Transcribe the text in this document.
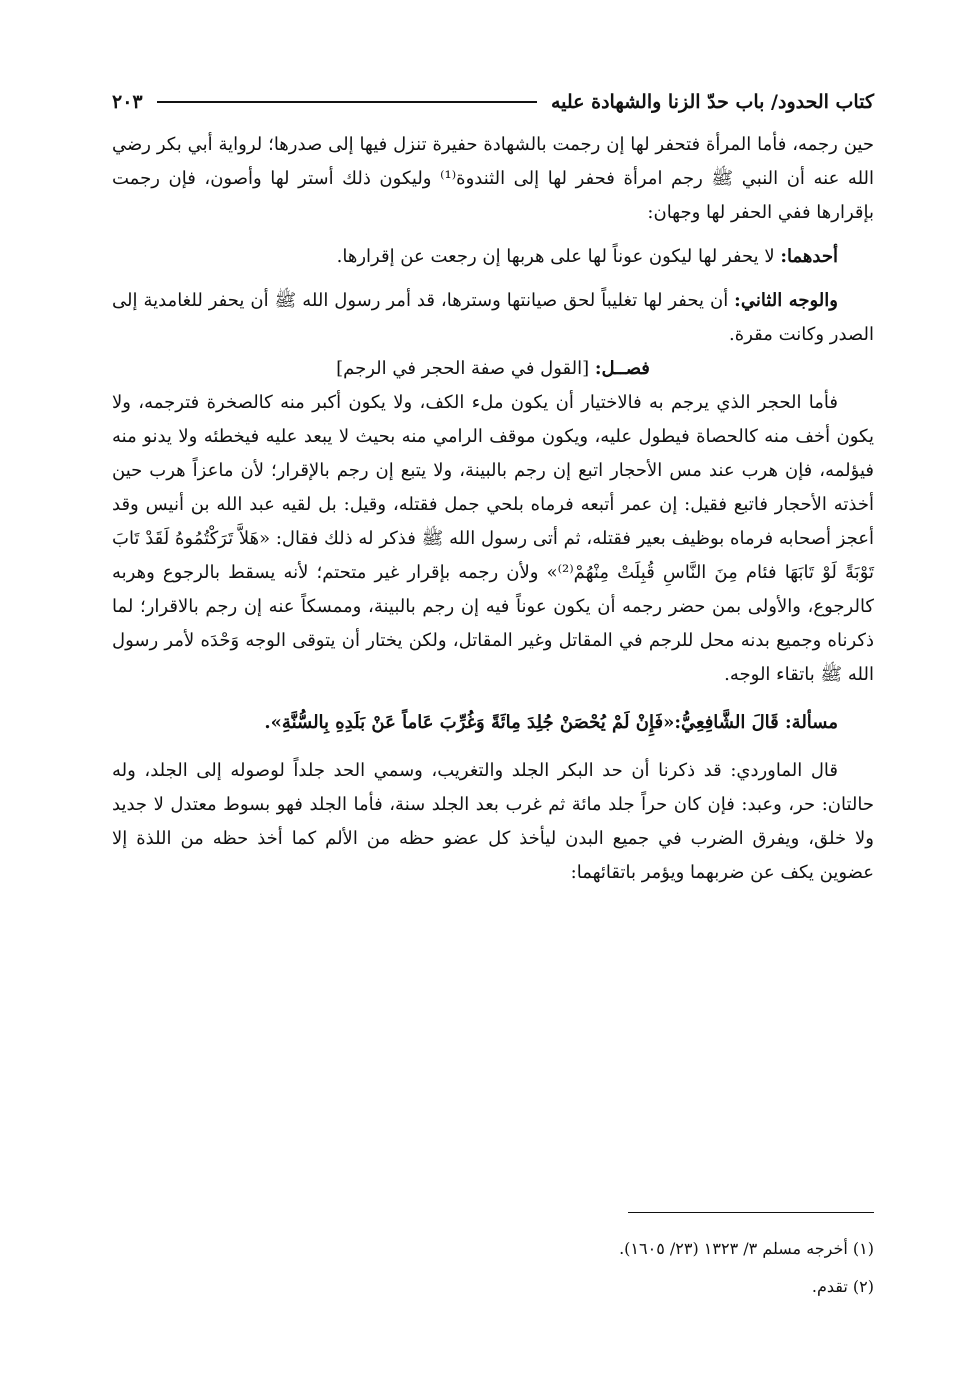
كتاب الحدود/ باب حدّ الزنا والشهادة عليه
٢٠٣

حين رجمه، فأما المرأة فتحفر لها إن رجمت بالشهادة حفيرة تنزل فيها إلى صدرها؛ لرواية أبي بكر رضي الله عنه أن النبي ﷺ رجم امرأة فحفر لها إلى الثندوة⁽¹⁾ وليكون ذلك أستر لها وأصون، فإن رجمت بإقرارها ففي الحفر لها وجهان:

أحدهما: لا يحفر لها ليكون عوناً لها على هربها إن رجعت عن إقرارها.

والوجه الثاني: أن يحفر لها تغليباً لحق صيانتها وسترها، قد أمر رسول الله ﷺ أن يحفر للغامدية إلى الصدر وكانت مقرة.

فصــل: [القول في صفة الحجر في الرجم]

فأما الحجر الذي يرجم به فالاختيار أن يكون ملء الكف، ولا يكون أكبر منه كالصخرة فترجمه، ولا يكون أخف منه كالحصاة فيطول عليه، ويكون موقف الرامي منه بحيث لا يبعد عليه فيخطئه ولا يدنو منه فيؤلمه، فإن هرب عند مس الأحجار اتبع إن رجم بالبينة، ولا يتبع إن رجم بالإقرار؛ لأن ماعزاً هرب حين أخذته الأحجار فاتبع فقيل: إن عمر أتبعه فرماه بلحي جمل فقتله، وقيل: بل لقيه عبد الله بن أنيس وقد أعجز أصحابه فرماه بوظيف بعير فقتله، ثم أتى رسول الله ﷺ فذكر له ذلك فقال: «هَلاَّ تَرَكْتُمُوهُ لَقَدْ تَابَ تَوْبَةً لَوْ تَابَهَا فئام مِنَ النَّاسِ قُبِلَتْ مِنْهُمْ⁽²⁾» ولأن رجمه بإقرار غير متحتم؛ لأنه يسقط بالرجوع وهربه كالرجوع، والأولى بمن حضر رجمه أن يكون عوناً فيه إن رجم بالبينة، وممسكاً عنه إن رجم بالاقرار؛ لما ذكرناه وجميع بدنه محل للرجم في المقاتل وغير المقاتل، ولكن يختار أن يتوقى الوجه وَحْدَه لأمر رسول الله ﷺ باتقاء الوجه.

مسألة: قَالَ الشَّافِعِيُّ:«فَإِنْ لَمْ يُحْصَنْ جُلِدَ مِائَةً وَغُرِّبَ عَاماً عَنْ بَلَدِهِ بِالسُّنَّةِ».

قال الماوردي: قد ذكرنا أن حد البكر الجلد والتغريب، وسمي الحد جلداً لوصوله إلى الجلد، وله حالتان: حر، وعبد: فإن كان حراً جلد مائة ثم غرب بعد الجلد سنة، فأما الجلد فهو بسوط معتدل لا جديد ولا خلق، ويفرق الضرب في جميع البدن ليأخذ كل عضو حظه من الألم كما أخذ حظه من اللذة إلا عضوين يكف عن ضربهما ويؤمر باتقائهما:

(١) أخرجه مسلم ٣/ ١٣٢٣ (٢٣/ ١٦٠٥).

(٢) تقدم.
